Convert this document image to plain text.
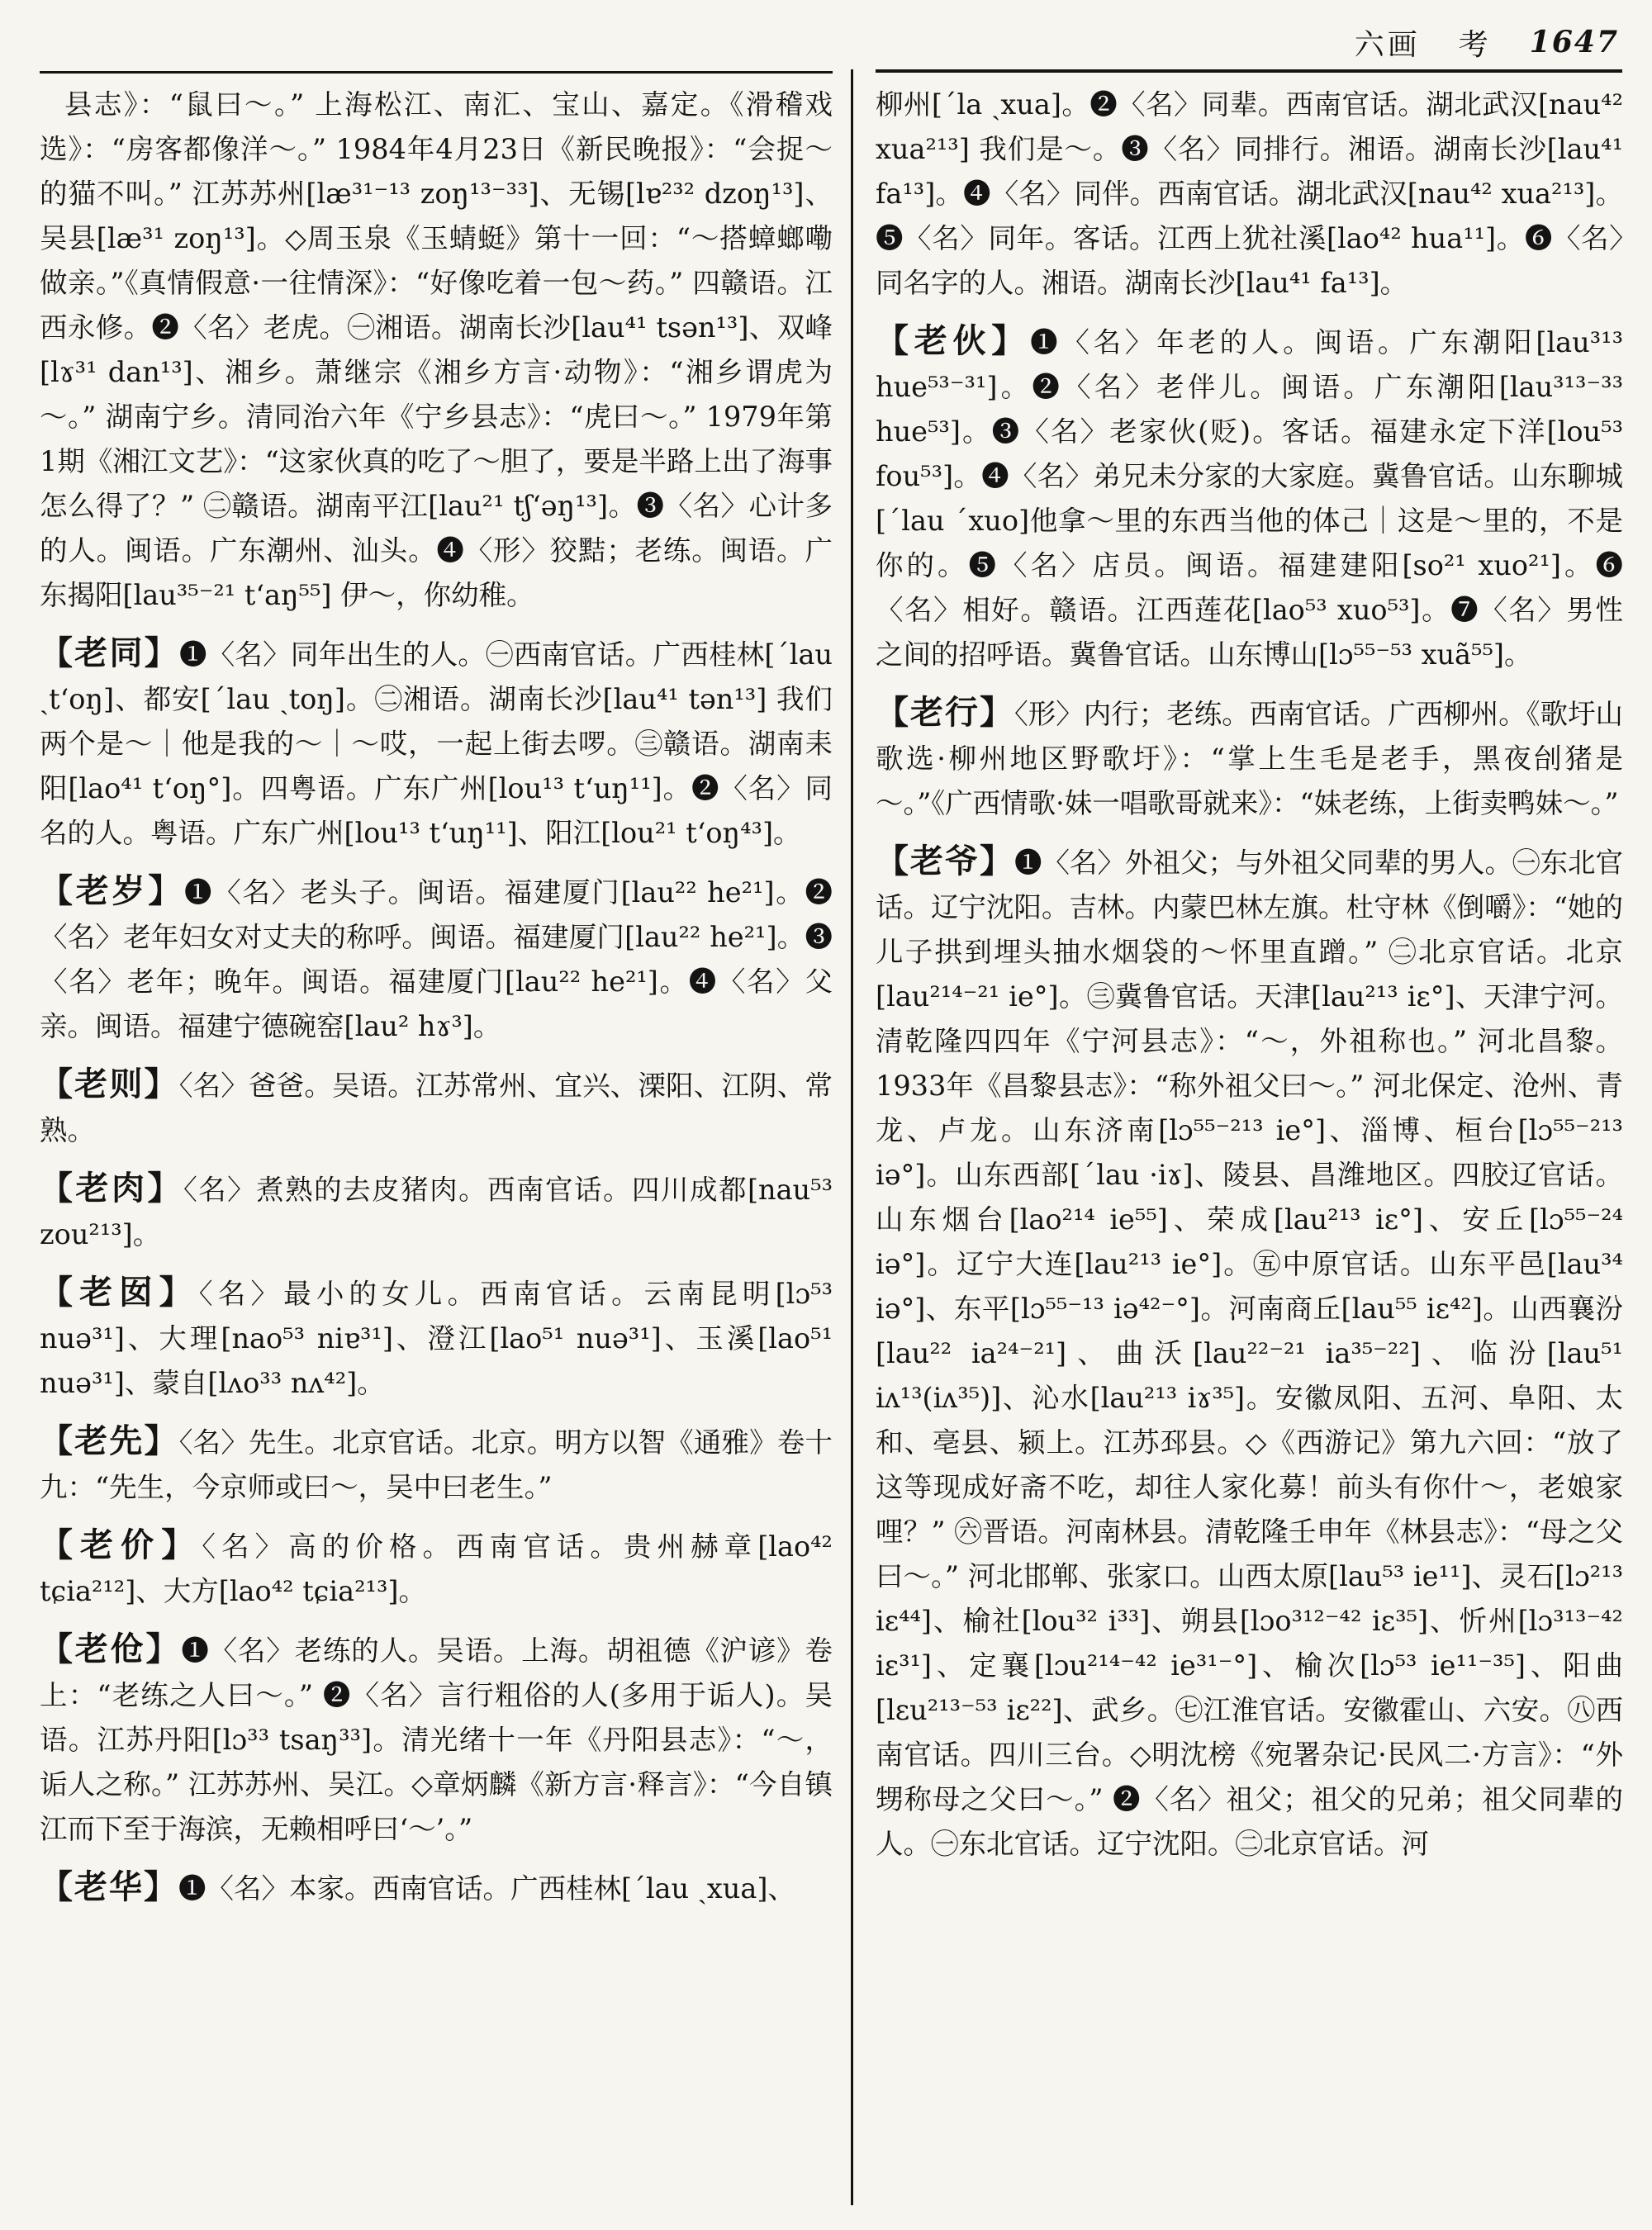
六画 考 1647

县志》：“鼠曰～。” 上海松江、南汇、宝山、嘉定。《滑稽戏选》：“房客都像洋～。” 1984年4月23日《新民晚报》：“会捉～的猫不叫。” 江苏苏州[læ³¹⁻¹³ zoŋ¹³⁻³³]、无锡[lɐ²³² dzoŋ¹³]、吴县[læ³¹ zoŋ¹³]。◇周玉泉《玉蜻蜓》第十一回：“～搭蟑螂嘞做亲。”《真情假意·一往情深》：“好像吃着一包～药。” 四赣语。江西永修。❷〈名〉老虎。㊀湘语。湖南长沙[lau⁴¹ tsən¹³]、双峰[lɤ³¹ dan¹³]、湘乡。萧继宗《湘乡方言·动物》：“湘乡谓虎为～。” 湖南宁乡。清同治六年《宁乡县志》：“虎曰～。” 1979年第1期《湘江文艺》：“这家伙真的吃了～胆了，要是半路上出了海事怎么得了？” ㊁赣语。湖南平江[lau²¹ tʃʻəŋ¹³]。❸〈名〉心计多的人。闽语。广东潮州、汕头。❹〈形〉狡黠；老练。闽语。广东揭阳[lau³⁵⁻²¹ tʻaŋ⁵⁵] 伊～，你幼稚。

【老同】❶〈名〉同年出生的人。㊀西南官话。广西桂林[ˊlau ˏtʻoŋ]、都安[ˊlau ˏtoŋ]。㊁湘语。湖南长沙[lau⁴¹ tən¹³] 我们两个是～｜他是我的～｜～哎，一起上街去啰。㊂赣语。湖南耒阳[lao⁴¹ tʻoŋ°]。四粤语。广东广州[lou¹³ tʻuŋ¹¹]。❷〈名〉同名的人。粤语。广东广州[lou¹³ tʻuŋ¹¹]、阳江[lou²¹ tʻoŋ⁴³]。

【老岁】❶〈名〉老头子。闽语。福建厦门[lau²² he²¹]。❷〈名〉老年妇女对丈夫的称呼。闽语。福建厦门[lau²² he²¹]。❸〈名〉老年；晚年。闽语。福建厦门[lau²² he²¹]。❹〈名〉父亲。闽语。福建宁德碗窑[lau² hɤ³]。

【老则】〈名〉爸爸。吴语。江苏常州、宜兴、溧阳、江阴、常熟。

【老肉】〈名〉煮熟的去皮猪肉。西南官话。四川成都[nau⁵³ zou²¹³]。

【老囡】〈名〉最小的女儿。西南官话。云南昆明[lɔ⁵³ nuə³¹]、大理[nao⁵³ niɐ³¹]、澄江[lao⁵¹ nuə³¹]、玉溪[lao⁵¹ nuə³¹]、蒙自[lʌo³³ nʌ⁴²]。

【老先】〈名〉先生。北京官话。北京。明方以智《通雅》卷十九：“先生，今京师或曰～，吴中曰老生。”

【老价】〈名〉高的价格。西南官话。贵州赫章[lao⁴² tɕia²¹²]、大方[lao⁴² tɕia²¹³]。

【老伧】❶〈名〉老练的人。吴语。上海。胡祖德《沪谚》卷上：“老练之人曰～。” ❷〈名〉言行粗俗的人(多用于诟人)。吴语。江苏丹阳[lɔ³³ tsaŋ³³]。清光绪十一年《丹阳县志》：“～，诟人之称。” 江苏苏州、吴江。◇章炳麟《新方言·释言》：“今自镇江而下至于海滨，无赖相呼曰‘～’。”

【老华】❶〈名〉本家。西南官话。广西桂林[ˊlau ˏxua]、

柳州[ˊla ˏxua]。❷〈名〉同辈。西南官话。湖北武汉[nau⁴² xua²¹³] 我们是～。❸〈名〉同排行。湘语。湖南长沙[lau⁴¹ fa¹³]。❹〈名〉同伴。西南官话。湖北武汉[nau⁴² xua²¹³]。❺〈名〉同年。客话。江西上犹社溪[lao⁴² hua¹¹]。❻〈名〉同名字的人。湘语。湖南长沙[lau⁴¹ fa¹³]。

【老伙】❶〈名〉年老的人。闽语。广东潮阳[lau³¹³ hue⁵³⁻³¹]。❷〈名〉老伴儿。闽语。广东潮阳[lau³¹³⁻³³ hue⁵³]。❸〈名〉老家伙(贬)。客话。福建永定下洋[lou⁵³ fou⁵³]。❹〈名〉弟兄未分家的大家庭。冀鲁官话。山东聊城[ˊlau ˊxuo]他拿～里的东西当他的体己｜这是～里的，不是你的。❺〈名〉店员。闽语。福建建阳[so²¹ xuo²¹]。❻〈名〉相好。赣语。江西莲花[lao⁵³ xuo⁵³]。❼〈名〉男性之间的招呼语。冀鲁官话。山东博山[lɔ⁵⁵⁻⁵³ xuã⁵⁵]。

【老行】〈形〉内行；老练。西南官话。广西柳州。《歌圩山歌选·柳州地区野歌圩》：“掌上生毛是老手，黑夜刣猪是～。”《广西情歌·妹一唱歌哥就来》：“妹老练，上街卖鸭妹～。”

【老爷】❶〈名〉外祖父；与外祖父同辈的男人。㊀东北官话。辽宁沈阳。吉林。内蒙巴林左旗。杜守林《倒嚼》：“她的儿子拱到埋头抽水烟袋的～怀里直蹭。” ㊁北京官话。北京[lau²¹⁴⁻²¹ ie°]。㊂冀鲁官话。天津[lau²¹³ iɛ°]、天津宁河。清乾隆四四年《宁河县志》：“～，外祖称也。” 河北昌黎。1933年《昌黎县志》：“称外祖父曰～。” 河北保定、沧州、青龙、卢龙。山东济南[lɔ⁵⁵⁻²¹³ ie°]、淄博、桓台[lɔ⁵⁵⁻²¹³ iə°]。山东西部[ˊlau ·iɤ]、陵县、昌潍地区。四胶辽官话。山东烟台[lao²¹⁴ ie⁵⁵]、荣成[lau²¹³ iɛ°]、安丘[lɔ⁵⁵⁻²⁴ iə°]。辽宁大连[lau²¹³ ie°]。㊄中原官话。山东平邑[lau³⁴ iə°]、东平[lɔ⁵⁵⁻¹³ iə⁴²⁻°]。河南商丘[lau⁵⁵ iɛ⁴²]。山西襄汾[lau²² ia²⁴⁻²¹]、曲沃[lau²²⁻²¹ ia³⁵⁻²²]、临汾[lau⁵¹ iʌ¹³(iʌ³⁵)]、沁水[lau²¹³ iɤ³⁵]。安徽凤阳、五河、阜阳、太和、亳县、颍上。江苏邳县。◇《西游记》第九六回：“放了这等现成好斋不吃，却往人家化募！前头有你什～，老娘家哩？” ㊅晋语。河南林县。清乾隆壬申年《林县志》：“母之父曰～。” 河北邯郸、张家口。山西太原[lau⁵³ ie¹¹]、灵石[lɔ²¹³ iɛ⁴⁴]、榆社[lou³² i³³]、朔县[lɔo³¹²⁻⁴² iɛ³⁵]、忻州[lɔ³¹³⁻⁴² iɛ³¹]、定襄[lɔu²¹⁴⁻⁴² ie³¹⁻°]、榆次[lɔ⁵³ ie¹¹⁻³⁵]、阳曲[lɛu²¹³⁻⁵³ iɛ²²]、武乡。㊆江淮官话。安徽霍山、六安。㊇西南官话。四川三台。◇明沈榜《宛署杂记·民风二·方言》：“外甥称母之父曰～。” ❷〈名〉祖父；祖父的兄弟；祖父同辈的人。㊀东北官话。辽宁沈阳。㊁北京官话。河
